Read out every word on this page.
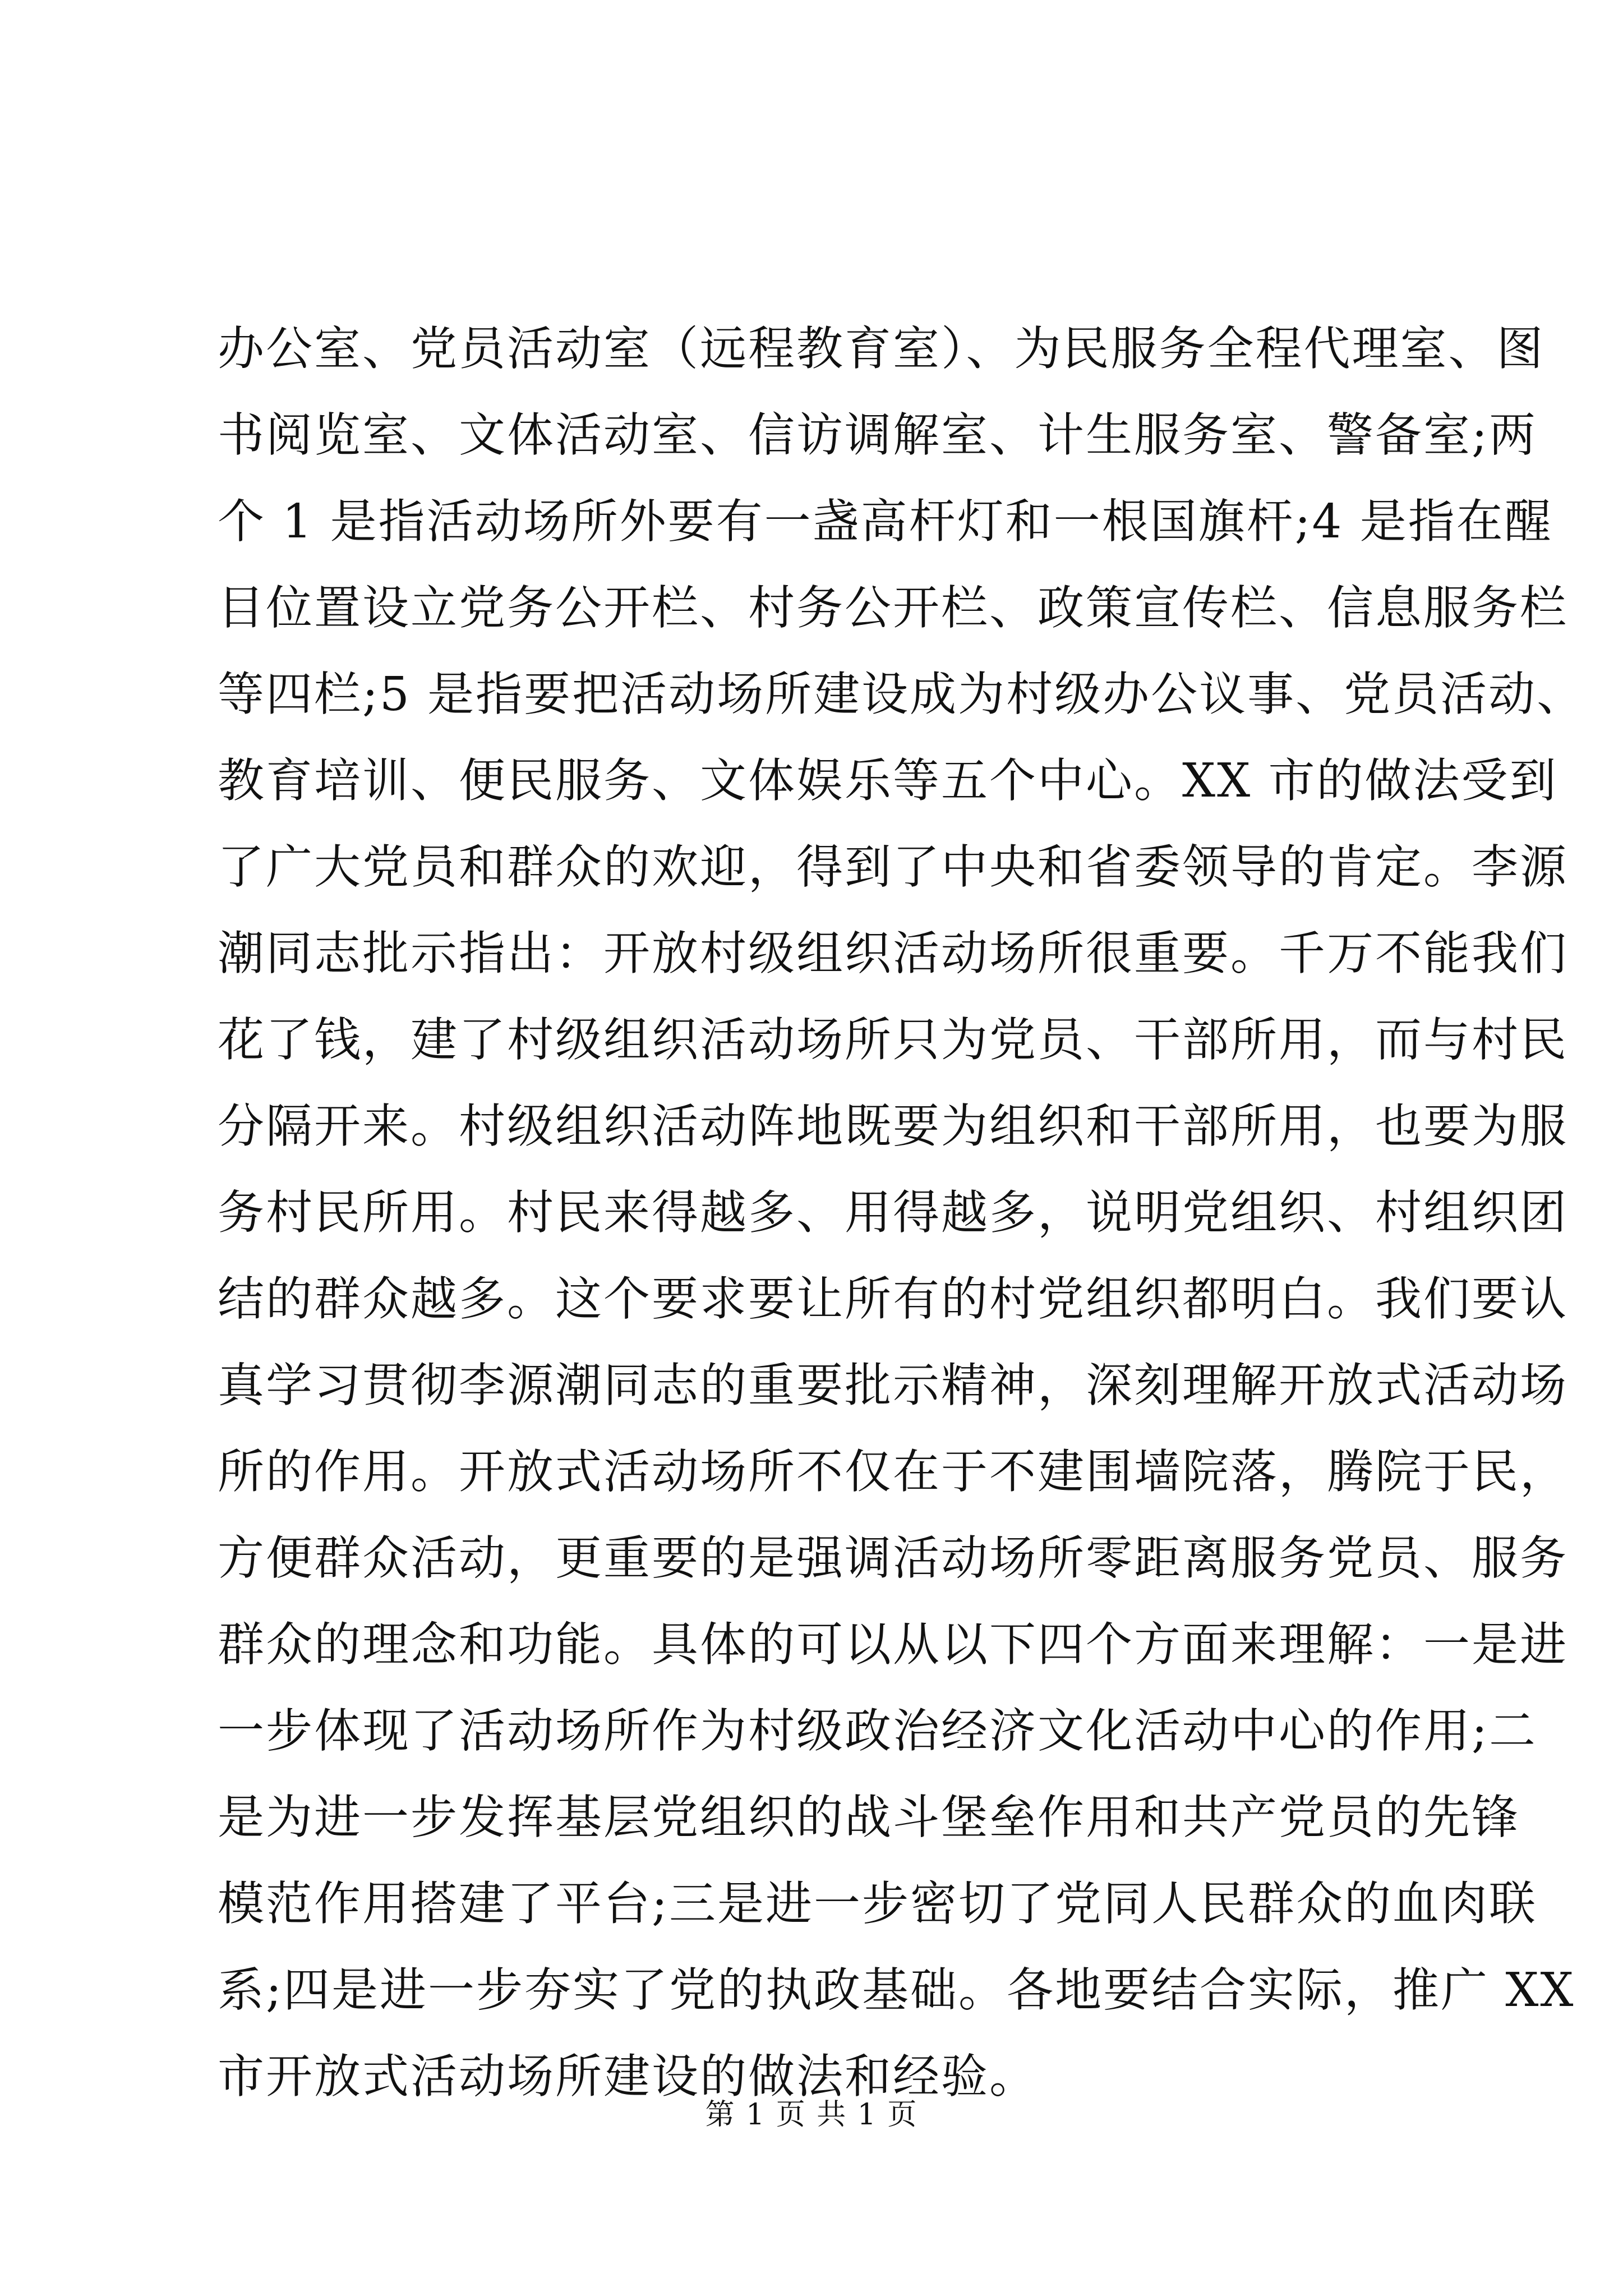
办公室、党员活动室（远程教育室）、为民服务全程代理室、图
书阅览室、文体活动室、信访调解室、计生服务室、警备室;两
个 1 是指活动场所外要有一盏高杆灯和一根国旗杆;4 是指在醒
目位置设立党务公开栏、村务公开栏、政策宣传栏、信息服务栏
等四栏;5 是指要把活动场所建设成为村级办公议事、党员活动、
教育培训、便民服务、文体娱乐等五个中心。XX 市的做法受到
了广大党员和群众的欢迎，得到了中央和省委领导的肯定。李源
潮同志批示指出：开放村级组织活动场所很重要。千万不能我们
花了钱，建了村级组织活动场所只为党员、干部所用，而与村民
分隔开来。村级组织活动阵地既要为组织和干部所用，也要为服
务村民所用。村民来得越多、用得越多，说明党组织、村组织团
结的群众越多。这个要求要让所有的村党组织都明白。我们要认
真学习贯彻李源潮同志的重要批示精神，深刻理解开放式活动场
所的作用。开放式活动场所不仅在于不建围墙院落，腾院于民，
方便群众活动，更重要的是强调活动场所零距离服务党员、服务
群众的理念和功能。具体的可以从以下四个方面来理解：一是进
一步体现了活动场所作为村级政治经济文化活动中心的作用;二
是为进一步发挥基层党组织的战斗堡垒作用和共产党员的先锋
模范作用搭建了平台;三是进一步密切了党同人民群众的血肉联
系;四是进一步夯实了党的执政基础。各地要结合实际，推广 XX
市开放式活动场所建设的做法和经验。
第 1 页 共 1 页
